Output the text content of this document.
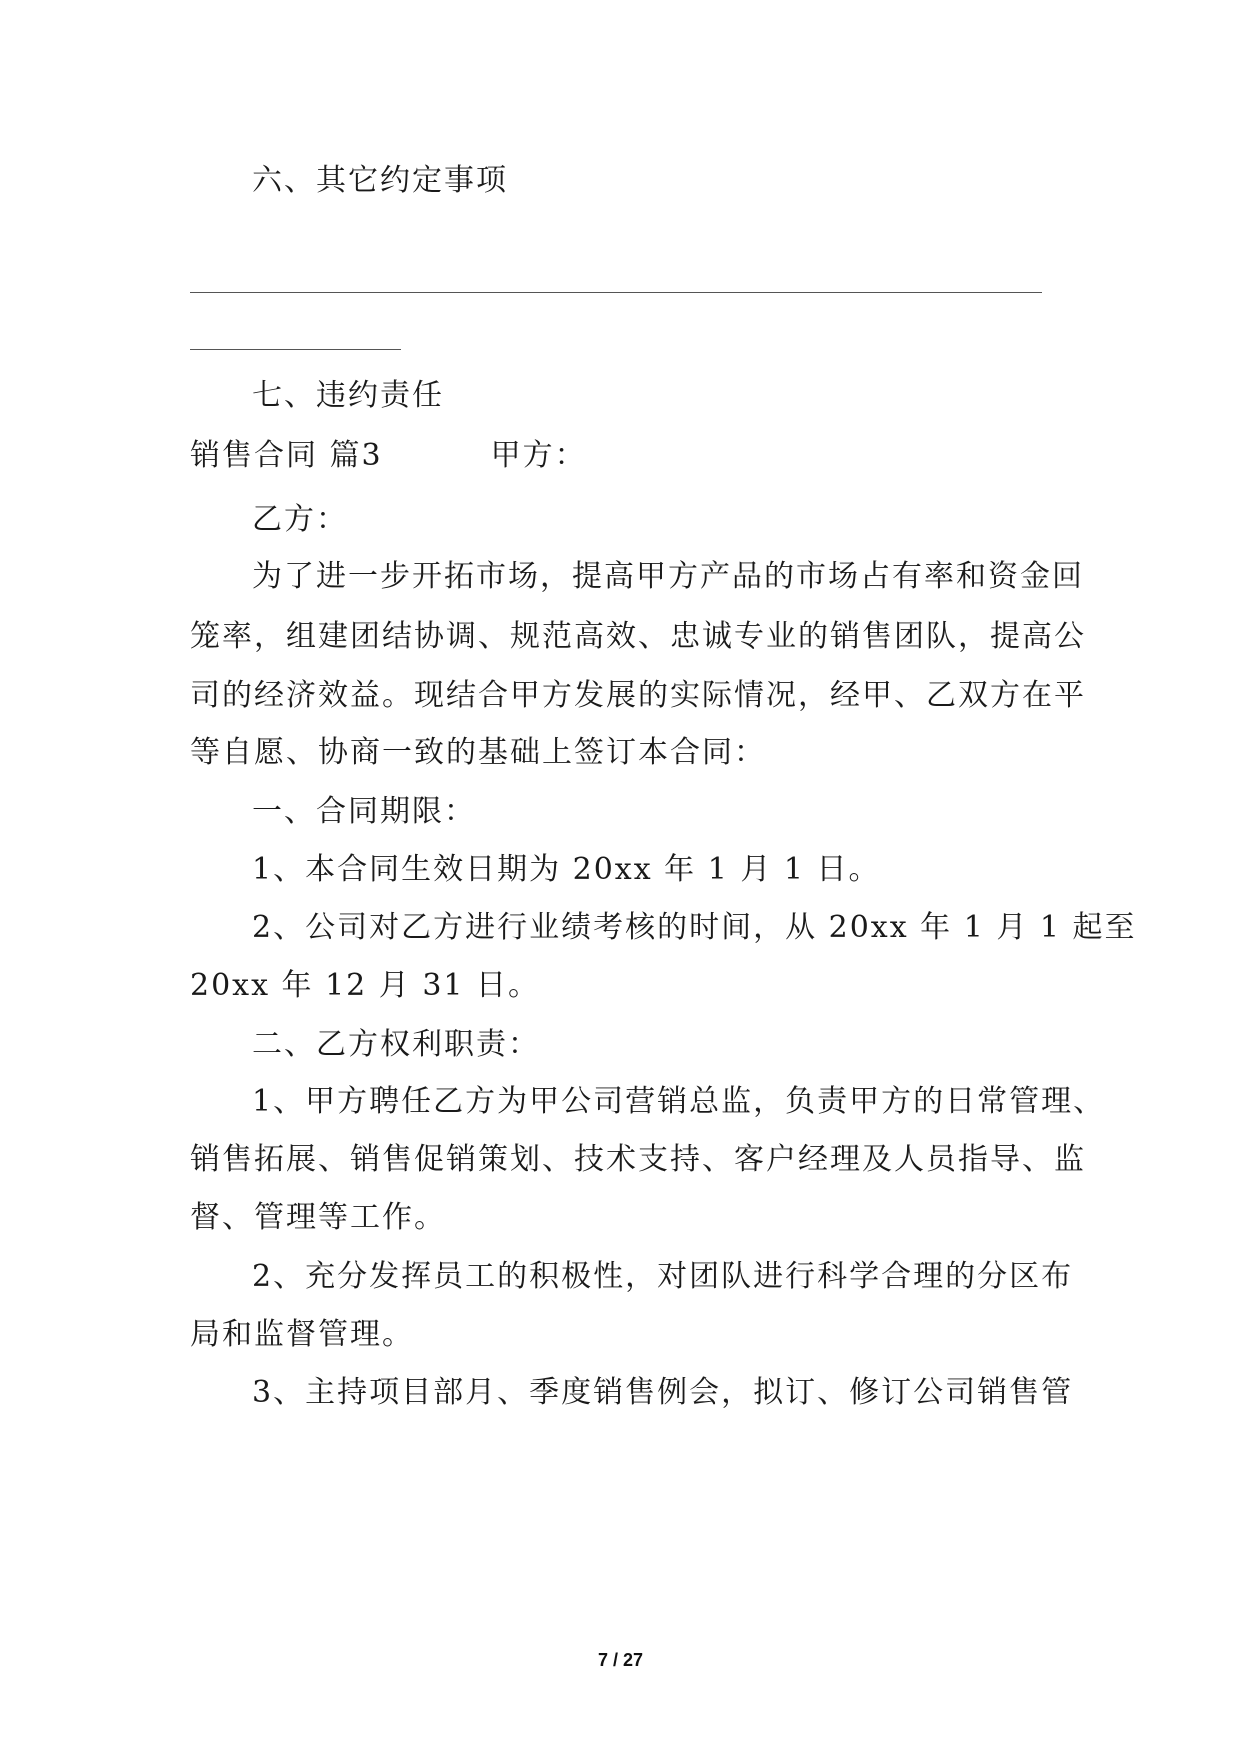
六、其它约定事项
七、违约责任
销售合同 篇3	甲方：
乙方：
为了进一步开拓市场，提高甲方产品的市场占有率和资金回
笼率，组建团结协调、规范高效、忠诚专业的销售团队，提高公
司的经济效益。现结合甲方发展的实际情况，经甲、乙双方在平
等自愿、协商一致的基础上签订本合同：
一、合同期限：
1、本合同生效日期为 20xx 年 1 月 1 日。
2、公司对乙方进行业绩考核的时间，从 20xx 年 1 月 1 起至
20xx 年 12 月 31 日。
二、乙方权利职责：
1、甲方聘任乙方为甲公司营销总监，负责甲方的日常管理、
销售拓展、销售促销策划、技术支持、客户经理及人员指导、监
督、管理等工作。
2、充分发挥员工的积极性，对团队进行科学合理的分区布
局和监督管理。
3、主持项目部月、季度销售例会，拟订、修订公司销售管
7 / 27
